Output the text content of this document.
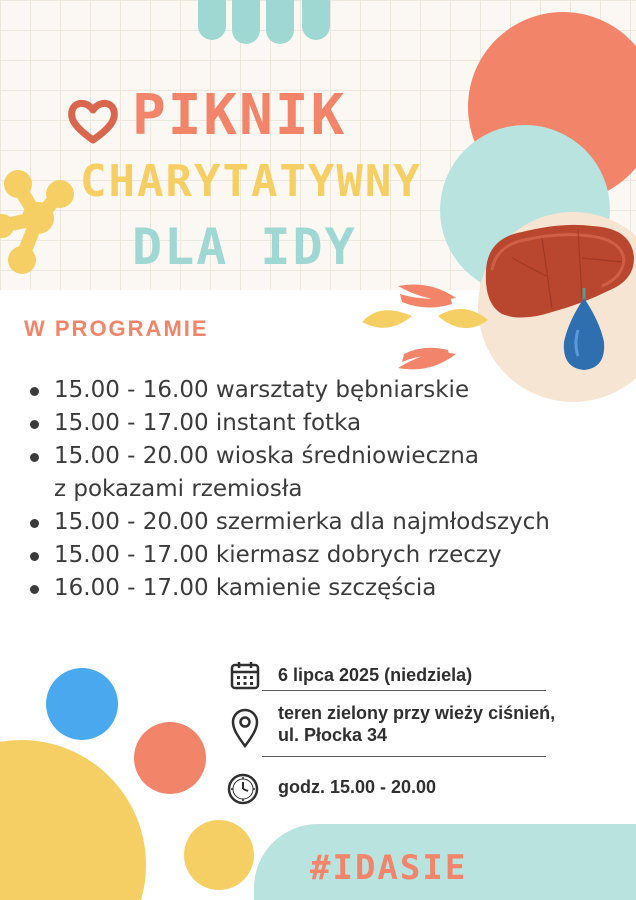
PIKNIK
CHARYTATYWNY
DLA IDY
W PROGRAMIE
15.00 - 16.00 warsztaty bębniarskie
15.00 - 17.00 instant fotka
15.00 - 20.00 wioska średniowieczna
z pokazami rzemiosła
15.00 - 20.00 szermierka dla najmłodszych
15.00 - 17.00 kiermasz dobrych rzeczy
16.00 - 17.00 kamienie szczęścia
6 lipca 2025 (niedziela)
teren zielony przy wieży ciśnień,
ul. Płocka 34
godz. 15.00 - 20.00
#IDASIE
